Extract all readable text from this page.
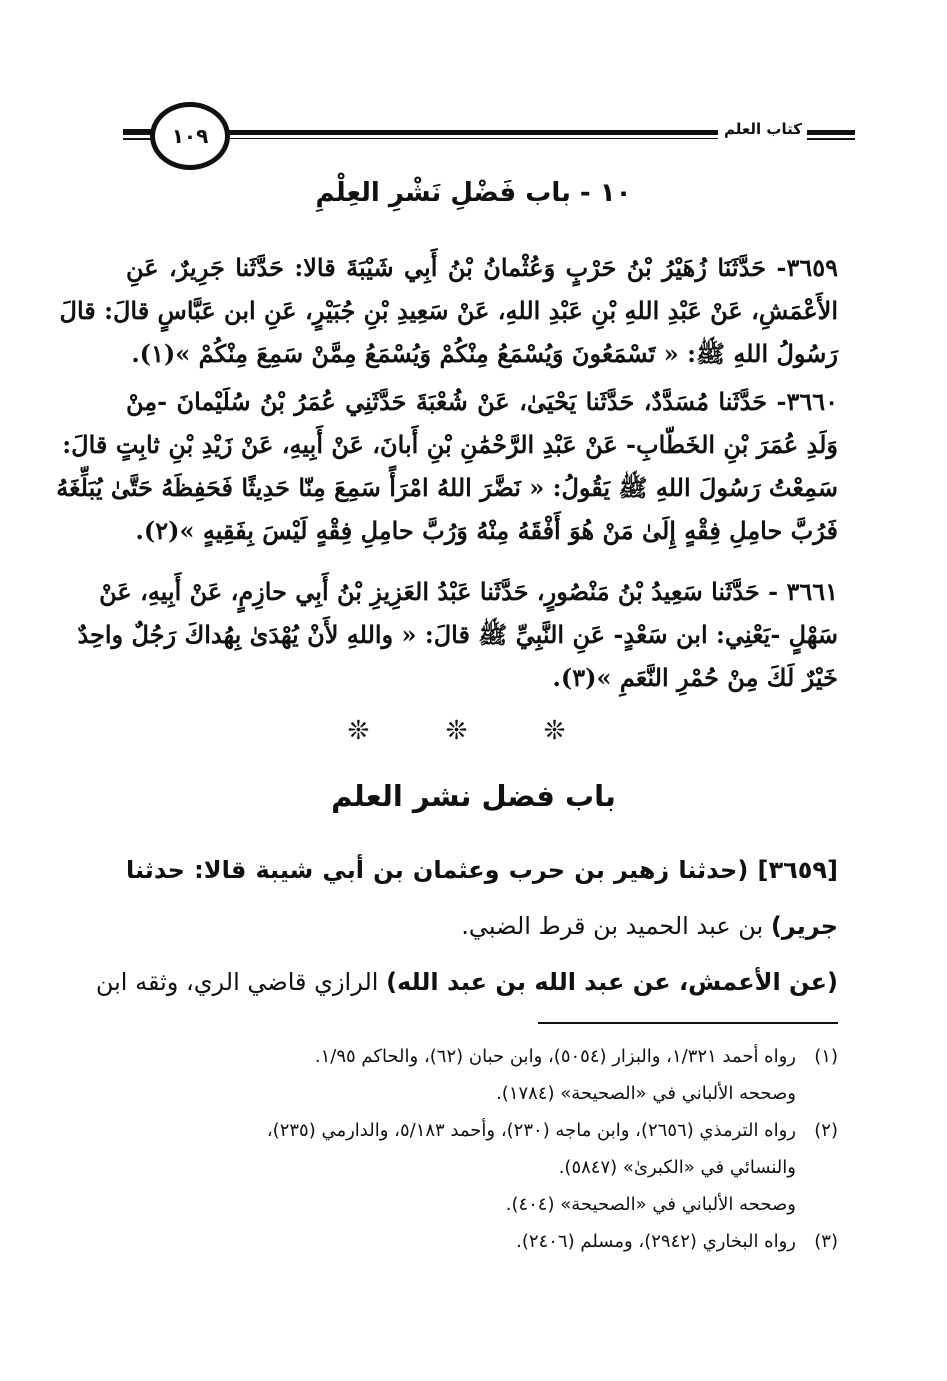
١٠٩	كتاب العلم
١٠ - باب فَضْلِ نَشْرِ العِلْمِ
٣٦٥٩- حَدَّثَنَا زُهَيْرُ بْنُ حَرْبٍ وَعُثْمانُ بْنُ أَبِي شَيْبَةَ قالا: حَدَّثَنا جَرِيرٌ، عَنِ
الأَعْمَشِ، عَنْ عَبْدِ اللهِ بْنِ عَبْدِ اللهِ، عَنْ سَعِيدِ بْنِ جُبَيْرٍ، عَنِ ابن عَبَّاسٍ قالَ: قالَ
رَسُولُ اللهِ ﷺ: « تَسْمَعُونَ وَيُسْمَعُ مِنْكُمْ وَيُسْمَعُ مِمَّنْ سَمِعَ مِنْكُمْ »(١).
٣٦٦٠- حَدَّثَنا مُسَدَّدٌ، حَدَّثَنا يَحْيَىٰ، عَنْ شُعْبَةَ حَدَّثَنِي عُمَرُ بْنُ سُلَيْمانَ -مِنْ
وَلَدِ عُمَرَ بْنِ الخَطّابِ- عَنْ عَبْدِ الرَّحْمَٰنِ بْنِ أَبانَ، عَنْ أَبِيهِ، عَنْ زَيْدِ بْنِ ثابِتٍ قالَ:
سَمِعْتُ رَسُولَ اللهِ ﷺ يَقُولُ: « نَضَّرَ اللهُ امْرَأً سَمِعَ مِنّا حَدِيثًا فَحَفِظَهُ حَتَّىٰ يُبَلِّغَهُ
فَرُبَّ حامِلِ فِقْهٍ إِلَىٰ مَنْ هُوَ أَفْقَهُ مِنْهُ وَرُبَّ حامِلِ فِقْهٍ لَيْسَ بِفَقِيهٍ »(٢).
٣٦٦١ - حَدَّثَنا سَعِيدُ بْنُ مَنْصُورٍ، حَدَّثَنا عَبْدُ العَزِيزِ بْنُ أَبِي حازِمٍ، عَنْ أَبِيهِ، عَنْ
سَهْلٍ -يَعْنِي: ابن سَعْدٍ- عَنِ النَّبِيِّ ﷺ قالَ: « واللهِ لأَنْ يُهْدَىٰ بِهُداكَ رَجُلٌ واحِدٌ
خَيْرٌ لَكَ مِنْ حُمْرِ النَّعَمِ »(٣).
❊ ❊ ❊
باب فضل نشر العلم
[٣٦٥٩] (حدثنا زهير بن حرب وعثمان بن أبي شيبة قالا: حدثنا
جرير) بن عبد الحميد بن قرط الضبي.
(عن الأعمش، عن عبد الله بن عبد الله) الرازي قاضي الري، وثقه ابن
(١)
رواه أحمد ١/٣٢١، والبزار (٥٠٥٤)، وابن حبان (٦٢)، والحاكم ١/٩٥.
وصححه الألباني في «الصحيحة» (١٧٨٤).
(٢)
رواه الترمذي (٢٦٥٦)، وابن ماجه (٢٣٠)، وأحمد ٥/١٨٣، والدارمي (٢٣٥)،
والنسائي في «الكبرىٰ» (٥٨٤٧).
وصححه الألباني في «الصحيحة» (٤٠٤).
(٣)
رواه البخاري (٢٩٤٢)، ومسلم (٢٤٠٦).
